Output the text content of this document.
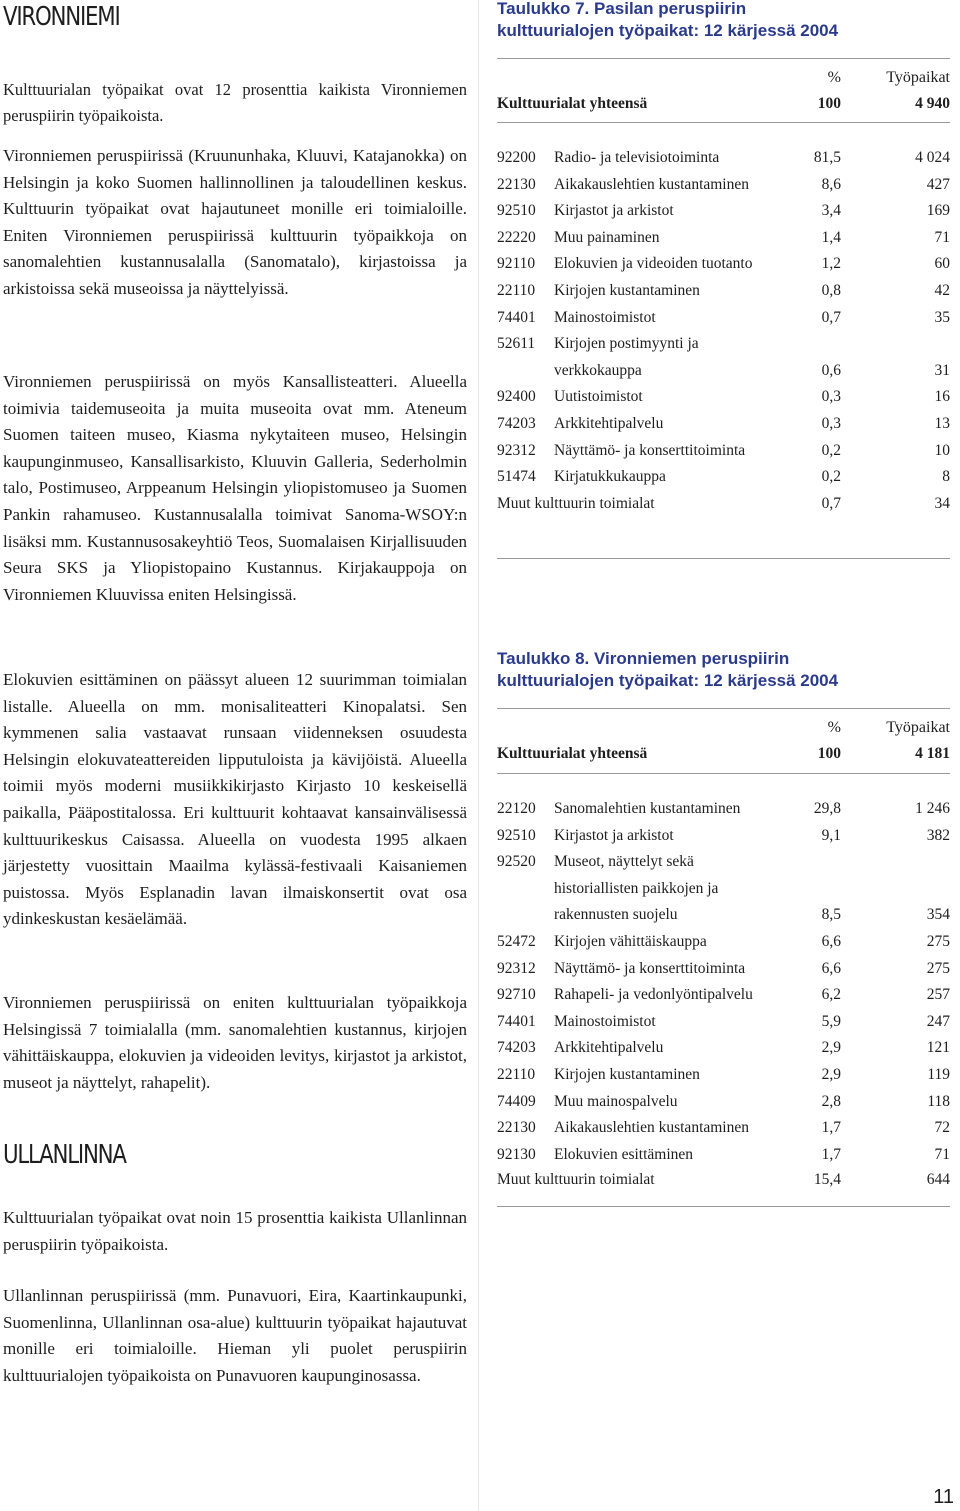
VIRONNIEMI
Kulttuurialan työpaikat ovat 12 prosenttia kaikista Vironniemen peruspiirin työpaikoista.
Vironniemen peruspiirissä (Kruununhaka, Kluuvi, Katajanokka) on Helsingin ja koko Suomen hallinnollinen ja taloudellinen keskus. Kulttuurin työpaikat ovat hajautuneet monille eri toimialoille. Eniten Vironniemen peruspiirissä kulttuurin työpaikkoja on sanomalehtien kustannusalalla (Sanomatalo), kirjastoissa ja arkistoissa sekä museoissa ja näyttelyissä.
Vironniemen peruspiirissä on myös Kansallisteatteri. Alueella toimivia taidemuseoita ja muita museoita ovat mm. Ateneum Suomen taiteen museo, Kiasma nykytaiteen museo, Helsingin kaupunginmuseo, Kansallisarkisto, Kluuvin Galleria, Sederholmin talo, Postimuseo, Arppeanum Helsingin yliopistomuseo ja Suomen Pankin rahamuseo. Kustannusalalla toimivat Sanoma-WSOY:n lisäksi mm. Kustannusosakeyhtiö Teos, Suomalaisen Kirjallisuuden Seura SKS ja Yliopistopaino Kustannus. Kirjakauppoja on Vironniemen Kluuvissa eniten Helsingissä.
Elokuvien esittäminen on päässyt alueen 12 suurimman toimialan listalle. Alueella on mm. monisaliteatteri Kinopalatsi. Sen kymmenen salia vastaavat runsaan viidenneksen osuudesta Helsingin elokuvateattereiden lipputuloista ja kävijöistä. Alueella toimii myös moderni musiikkikirjasto Kirjasto 10 keskeisellä paikalla, Pääpostitalossa. Eri kulttuurit kohtaavat kansainvälisessä kulttuurikeskus Caisassa. Alueella on vuodesta 1995 alkaen järjestetty vuosittain Maailma kylässä-festivaali Kaisaniemen puistossa. Myös Esplanadin lavan ilmaiskonsertit ovat osa ydinkeskustan kesäelämää.
Vironniemen peruspiirissä on eniten kulttuurialan työpaikkoja Helsingissä 7 toimialalla (mm. sanomalehtien kustannus, kirjojen vähittäiskauppa, elokuvien ja videoiden levitys, kirjastot ja arkistot, museot ja näyttelyt, rahapelit).
ULLANLINNA
Kulttuurialan työpaikat ovat noin 15 prosenttia kaikista Ullanlinnan peruspiirin työpaikoista.
Ullanlinnan peruspiirissä (mm. Punavuori, Eira, Kaartinkaupunki, Suomenlinna, Ullanlinnan osa-alue) kulttuurin työpaikat hajautuvat monille eri toimialoille. Hieman yli puolet peruspiirin kulttuurialojen työpaikoista on Punavuoren kaupunginosassa.
Taulukko 7. Pasilan peruspiirin
kulttuurialojen työpaikat: 12 kärjessä 2004
%	Työpaikat
Kulttuurialat yhteensä	100	4 940
92200 Radio- ja televisiotoiminta	81,5	4 024
22130 Aikakauslehtien kustantaminen	8,6	427
92510 Kirjastot ja arkistot	3,4	169
22220 Muu painaminen	1,4	71
92110 Elokuvien ja videoiden tuotanto	1,2	60
22110 Kirjojen kustantaminen	0,8	42
74401 Mainostoimistot	0,7	35
52611 Kirjojen postimyynti ja
verkkokauppa	0,6	31
92400 Uutistoimistot	0,3	16
74203 Arkkitehtipalvelu	0,3	13
92312 Näyttämö- ja konserttitoiminta	0,2	10
51474 Kirjatukkukauppa	0,2	8
Muut kulttuurin toimialat	0,7	34
Taulukko 8. Vironniemen peruspiirin
kulttuurialojen työpaikat: 12 kärjessä 2004
%	Työpaikat
Kulttuurialat yhteensä	100	4 181
22120 Sanomalehtien kustantaminen	29,8	1 246
92510 Kirjastot ja arkistot	9,1	382
92520 Museot, näyttelyt sekä
historiallisten paikkojen ja
rakennusten suojelu	8,5	354
52472 Kirjojen vähittäiskauppa	6,6	275
92312 Näyttämö- ja konserttitoiminta	6,6	275
92710 Rahapeli- ja vedonlyöntipalvelu	6,2	257
74401 Mainostoimistot	5,9	247
74203 Arkkitehtipalvelu	2,9	121
22110 Kirjojen kustantaminen	2,9	119
74409 Muu mainospalvelu	2,8	118
22130 Aikakauslehtien kustantaminen	1,7	72
92130 Elokuvien esittäminen	1,7	71
Muut kulttuurin toimialat	15,4	644
11
